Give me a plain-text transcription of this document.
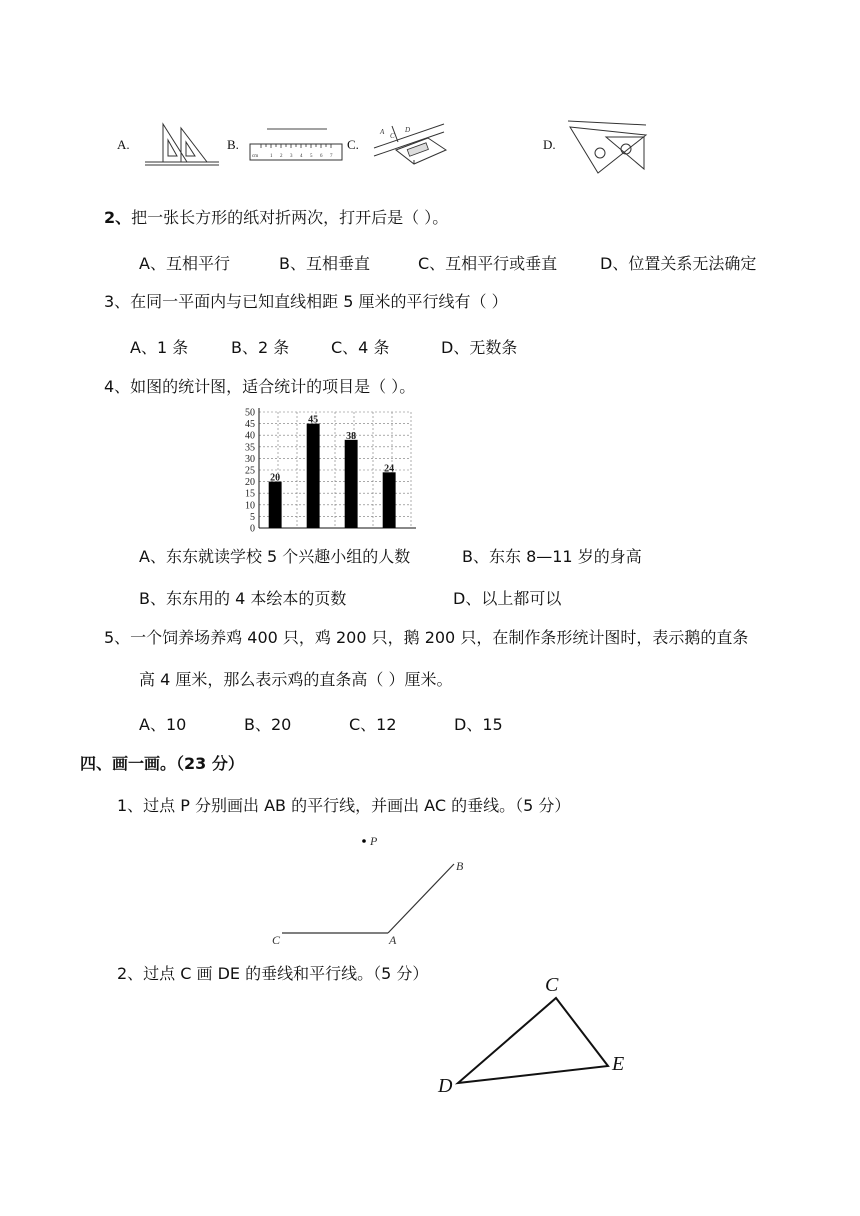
A.	B.
cm 1 2 3 4 5 6 7
C.
A C
D
D.
2、把一张长方形的纸对折两次，打开后是（ ）。
A、互相平行	B、互相垂直	C、互相平行或垂直	D、位置关系无法确定
3、在同一平面内与已知直线相距 5 厘米的平行线有（ ）
A、1 条	B、2 条	C、4 条	D、无数条
4、如图的统计图，适合统计的项目是（ ）。
0
5
10
15
20
25
30
35
40
45
50
20
45
38
24
A、东东就读学校 5 个兴趣小组的人数	B、东东 8—11 岁的身高
B、东东用的 4 本绘本的页数	D、以上都可以
5、一个饲养场养鸡 400 只，鸡 200 只，鹅 200 只，在制作条形统计图时，表示鹅的直条
高 4 厘米，那么表示鸡的直条高（ ）厘米。
A、10	B、20	C、12	D、15
四、画一画。（23 分）
1、过点 P 分别画出 AB 的平行线，并画出 AC 的垂线。（5 分）
P
B
C	A
2、过点 C 画 DE 的垂线和平行线。（5 分）
C
E
D
